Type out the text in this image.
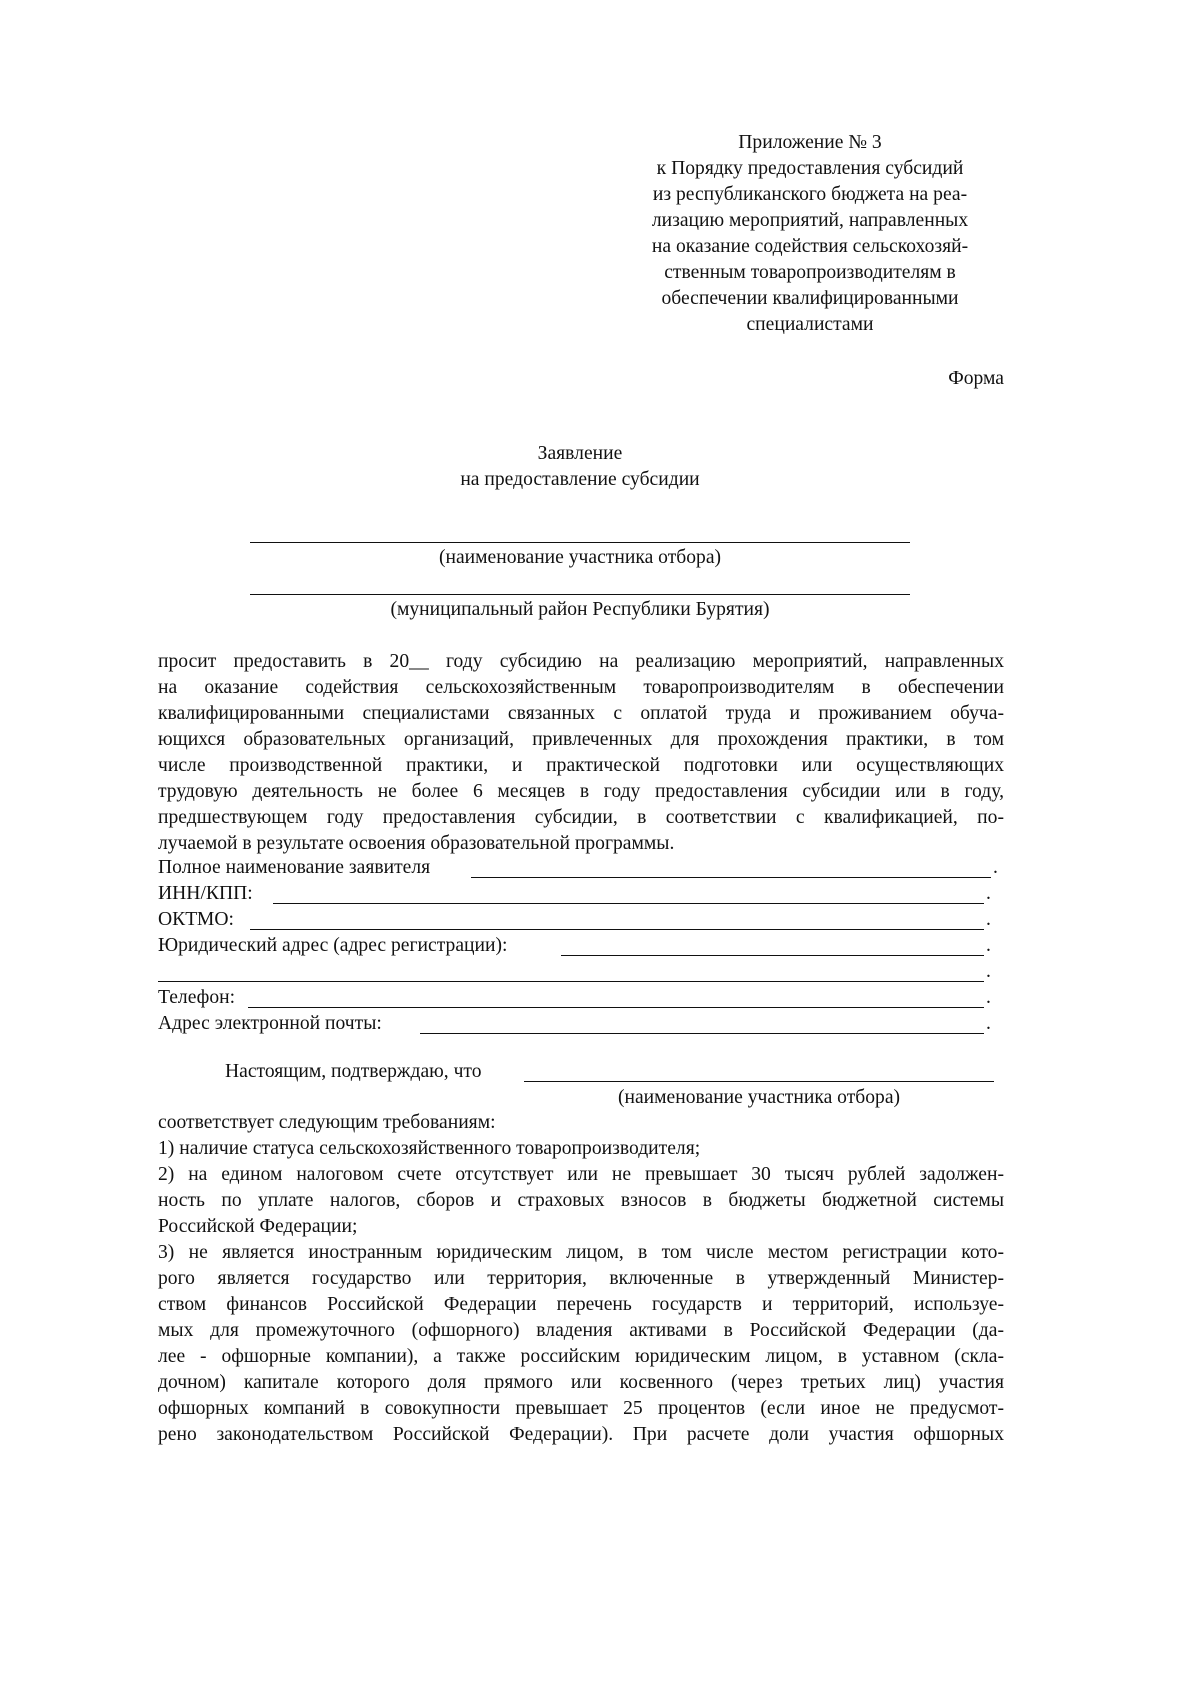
Приложение № 3
к Порядку предоставления субсидий
из республиканского бюджета на реа-
лизацию мероприятий, направленных
на оказание содействия сельскохозяй-
ственным товаропроизводителям в
обеспечении квалифицированными
специалистами
Форма
Заявление
на предоставление субсидии
(наименование участника отбора)
(муниципальный район Республики Бурятия)
просит предоставить в 20__ году субсидию на реализацию мероприятий, направленных
на оказание содействия сельскохозяйственным товаропроизводителям в обеспечении
квалифицированными специалистами связанных с оплатой труда и проживанием обуча-
ющихся образовательных организаций, привлеченных для прохождения практики, в том
числе производственной практики, и практической подготовки или осуществляющих
трудовую деятельность не более 6 месяцев в году предоставления субсидии или в году,
предшествующем году предоставления субсидии, в соответствии с квалификацией, по-
лучаемой в результате освоения образовательной программы.
Полное наименование заявителя	.
ИНН/КПП:	.
ОКТМО:	.
Юридический адрес (адрес регистрации):	.
.
Телефон:	.
Адрес электронной почты:	.
Настоящим, подтверждаю, что
(наименование участника отбора)
соответствует следующим требованиям:
1) наличие статуса сельскохозяйственного товаропроизводителя;
2) на едином налоговом счете отсутствует или не превышает 30 тысяч рублей задолжен-
ность по уплате налогов, сборов и страховых взносов в бюджеты бюджетной системы
Российской Федерации;
3) не является иностранным юридическим лицом, в том числе местом регистрации кото-
рого является государство или территория, включенные в утвержденный Министер-
ством финансов Российской Федерации перечень государств и территорий, используе-
мых для промежуточного (офшорного) владения активами в Российской Федерации (да-
лее - офшорные компании), а также российским юридическим лицом, в уставном (скла-
дочном) капитале которого доля прямого или косвенного (через третьих лиц) участия
офшорных компаний в совокупности превышает 25 процентов (если иное не предусмот-
рено законодательством Российской Федерации). При расчете доли участия офшорных
